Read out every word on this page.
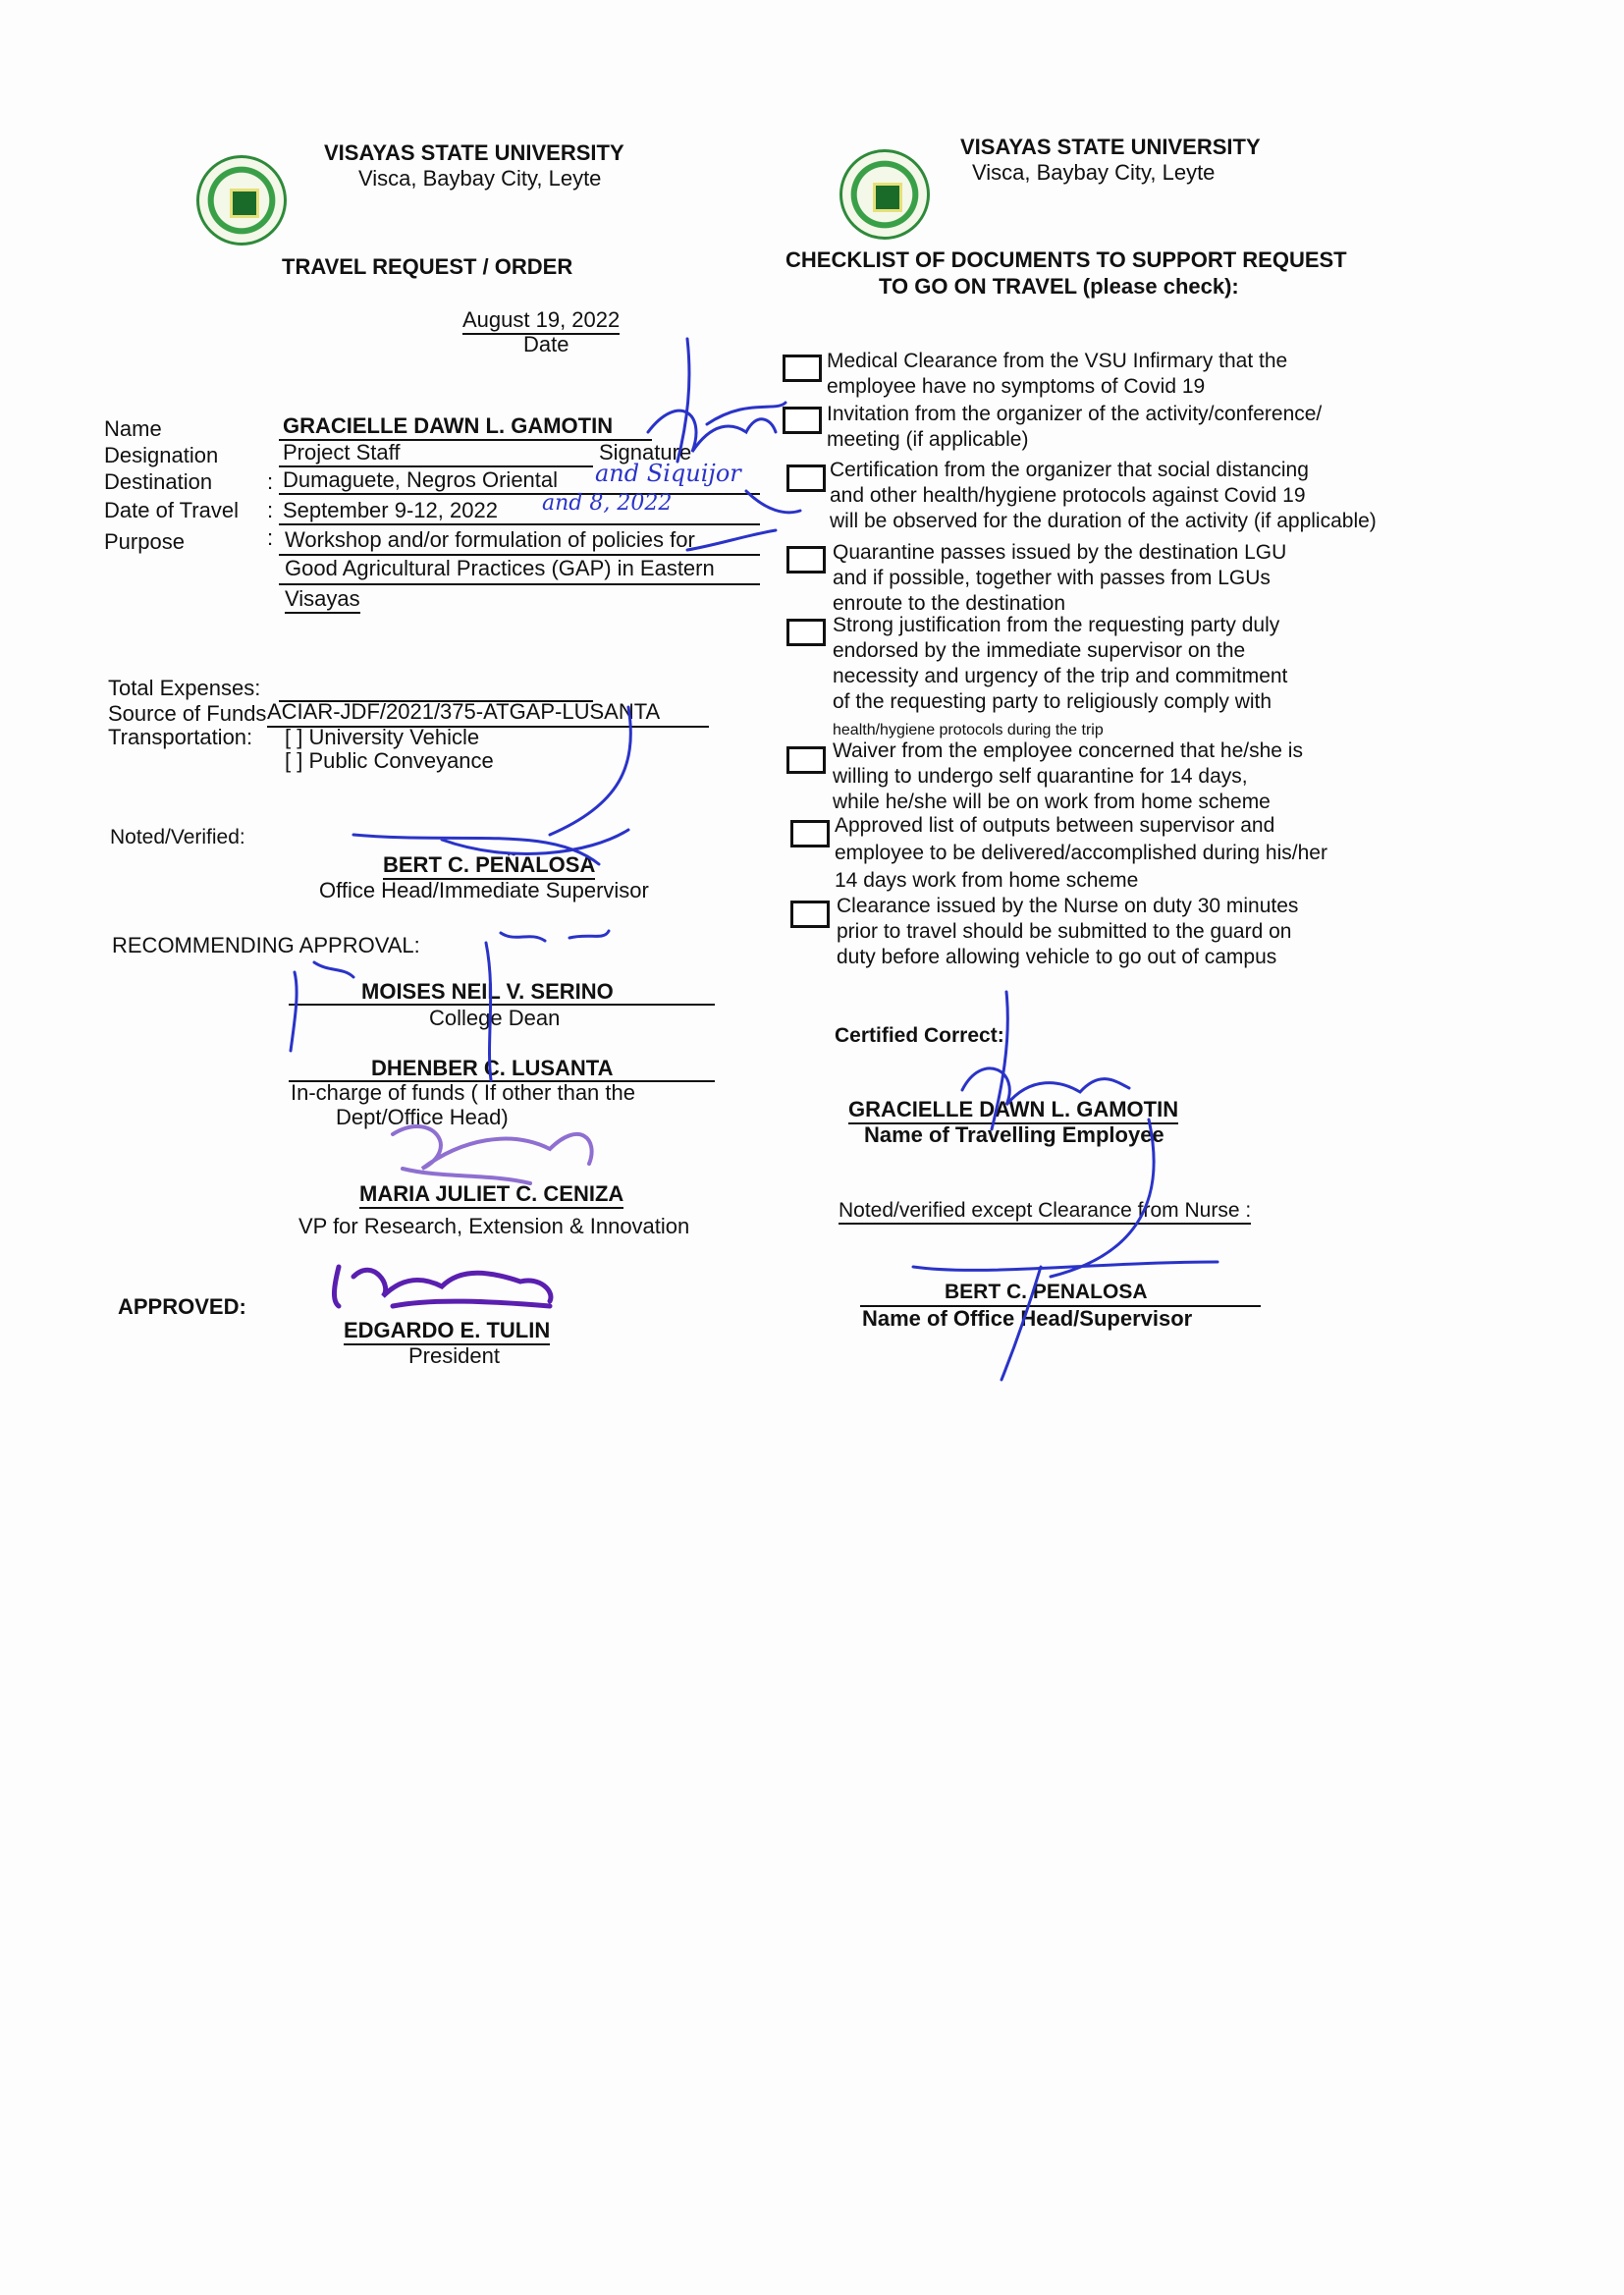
VISAYAS STATE UNIVERSITY
Visca, Baybay City, Leyte
TRAVEL REQUEST / ORDER
August 19, 2022
Date
Name
Designation
Destination
Date of Travel
Purpose
:
:
:
GRACIELLE DAWN L. GAMOTIN
Project Staff	Signature
Dumaguete, Negros Oriental
September 9-12, 2022
Workshop and/or formulation of policies for
Good Agricultural Practices (GAP) in Eastern
Visayas
and Siquijor
and 8, 2022
Total Expenses:
Source of Funds ACIAR-JDF/2021/375-ATGAP-LUSANTA
Transportation: [ ] University Vehicle
[ ] Public Conveyance
Noted/Verified:
BERT C. PEÑALOSA
Office Head/Immediate Supervisor
RECOMMENDING APPROVAL:
MOISES NEIL V. SERINO
College Dean
DHENBER C. LUSANTA
In-charge of funds ( If other than the
Dept/Office Head)
MARIA JULIET C. CENIZA
VP for Research, Extension & Innovation
APPROVED:
EDGARDO E. TULIN
President
VISAYAS STATE UNIVERSITY
Visca, Baybay City, Leyte
CHECKLIST OF DOCUMENTS TO SUPPORT REQUEST
TO GO ON TRAVEL (please check):
Medical Clearance from the VSU Infirmary that the
employee have no symptoms of Covid 19
Invitation from the organizer of the activity/conference/
meeting (if applicable)
Certification from the organizer that social distancing
and other health/hygiene protocols against Covid 19
will be observed for the duration of the activity (if applicable)
Quarantine passes issued by the destination LGU
and if possible, together with passes from LGUs
enroute to the destination
Strong justification from the requesting party duly
endorsed by the immediate supervisor on the
necessity and urgency of the trip and commitment
of the requesting party to religiously comply with
health/hygiene protocols during the trip
Waiver from the employee concerned that he/she is
willing to undergo self quarantine for 14 days,
while he/she will be on work from home scheme
Approved list of outputs between supervisor and
employee to be delivered/accomplished during his/her
14 days work from home scheme
Clearance issued by the Nurse on duty 30 minutes
prior to travel should be submitted to the guard on
duty before allowing vehicle to go out of campus
Certified Correct:
GRACIELLE DAWN L. GAMOTIN
Name of Travelling Employee
Noted/verified except Clearance from Nurse :
BERT C. PENALOSA
Name of Office Head/Supervisor
